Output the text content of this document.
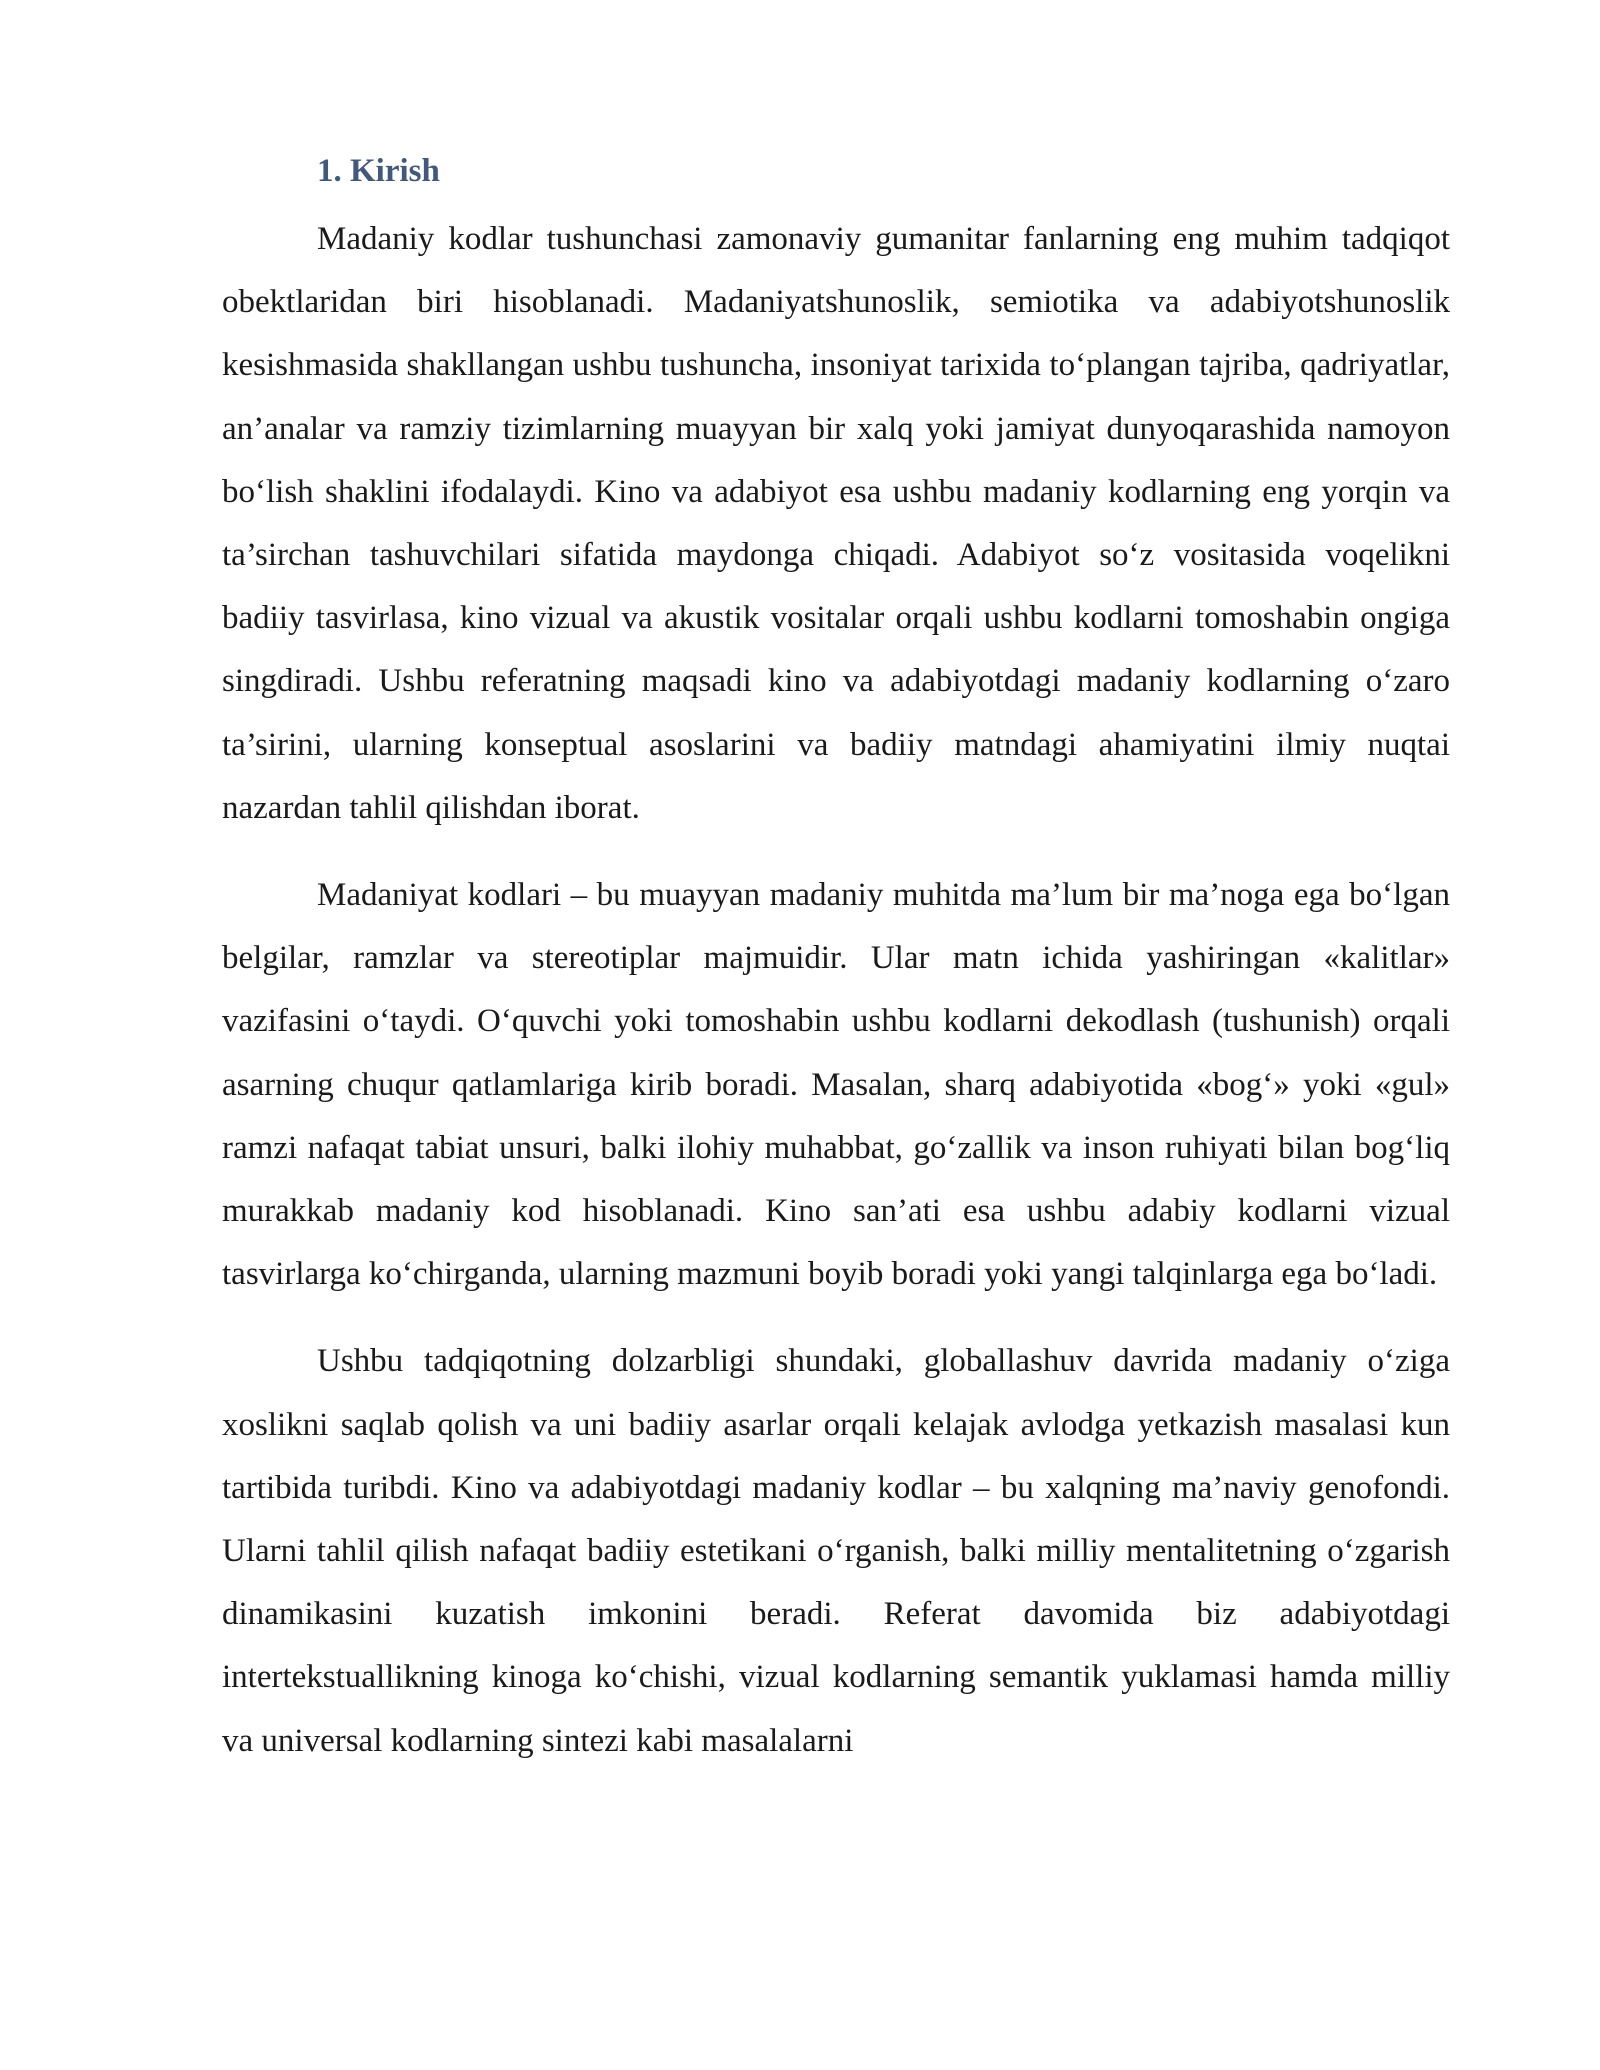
1. Kirish

Madaniy kodlar tushunchasi zamonaviy gumanitar fanlarning eng muhim tadqiqot obektlaridan biri hisoblanadi. Madaniyatshunoslik, semiotika va adabiyotshunoslik kesishmasida shakllangan ushbu tushuncha, insoniyat tarixida to‘plangan tajriba, qadriyatlar, an’analar va ramziy tizimlarning muayyan bir xalq yoki jamiyat dunyoqarashida namoyon bo‘lish shaklini ifodalaydi. Kino va adabiyot esa ushbu madaniy kodlarning eng yorqin va ta’sirchan tashuvchilari sifatida maydonga chiqadi. Adabiyot so‘z vositasida voqelikni badiiy tasvirlasa, kino vizual va akustik vositalar orqali ushbu kodlarni tomoshabin ongiga singdiradi. Ushbu referatning maqsadi kino va adabiyotdagi madaniy kodlarning o‘zaro ta’sirini, ularning konseptual asoslarini va badiiy matndagi ahamiyatini ilmiy nuqtai nazardan tahlil qilishdan iborat.

Madaniyat kodlari – bu muayyan madaniy muhitda ma’lum bir ma’noga ega bo‘lgan belgilar, ramzlar va stereotiplar majmuidir. Ular matn ichida yashiringan «kalitlar» vazifasini o‘taydi. O‘quvchi yoki tomoshabin ushbu kodlarni dekodlash (tushunish) orqali asarning chuqur qatlamlariga kirib boradi. Masalan, sharq adabiyotida «bog‘» yoki «gul» ramzi nafaqat tabiat unsuri, balki ilohiy muhabbat, go‘zallik va inson ruhiyati bilan bog‘liq murakkab madaniy kod hisoblanadi. Kino san’ati esa ushbu adabiy kodlarni vizual tasvirlarga ko‘chirganda, ularning mazmuni boyib boradi yoki yangi talqinlarga ega bo‘ladi.

Ushbu tadqiqotning dolzarbligi shundaki, globallashuv davrida madaniy o‘ziga xoslikni saqlab qolish va uni badiiy asarlar orqali kelajak avlodga yetkazish masalasi kun tartibida turibdi. Kino va adabiyotdagi madaniy kodlar – bu xalqning ma’naviy genofondi. Ularni tahlil qilish nafaqat badiiy estetikani o‘rganish, balki milliy mentalitetning o‘zgarish dinamikasini kuzatish imkonini beradi. Referat davomida biz adabiyotdagi intertekstuallikning kinoga ko‘chishi, vizual kodlarning semantik yuklamasi hamda milliy va universal kodlarning sintezi kabi masalalarni
